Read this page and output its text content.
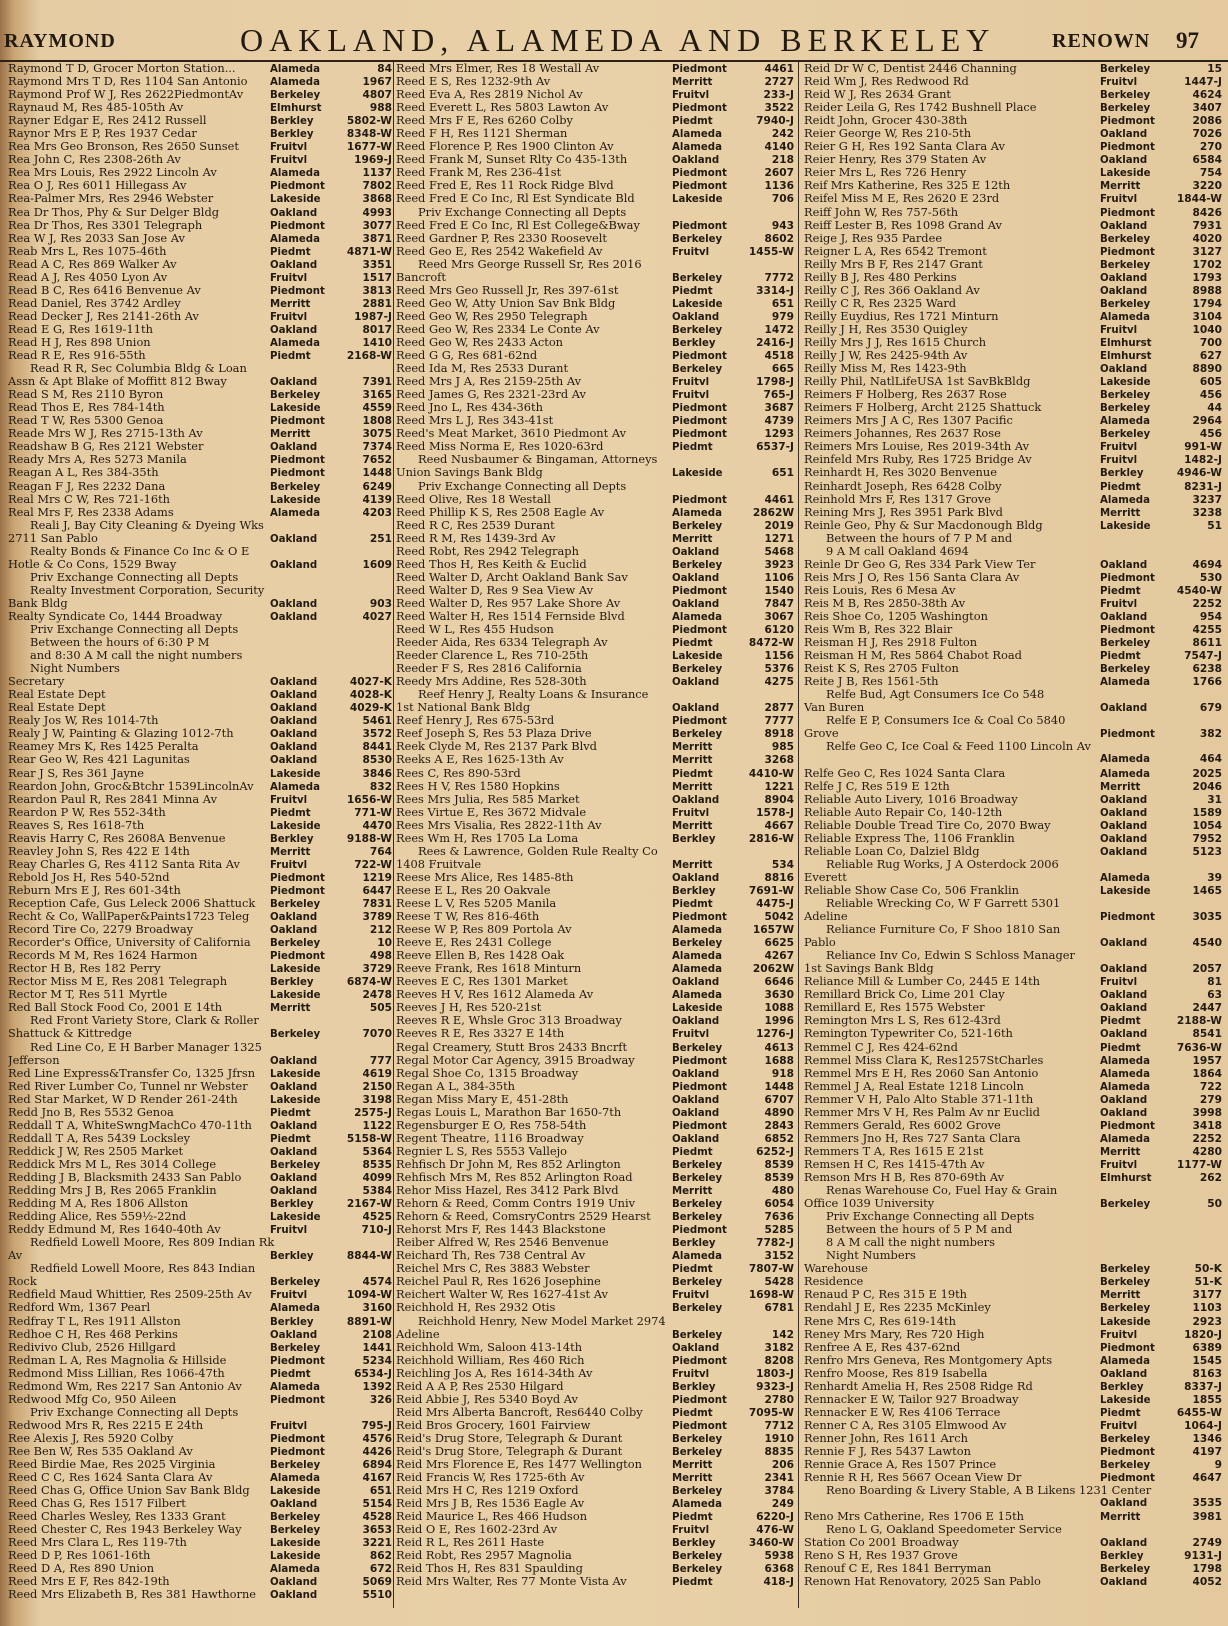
RAYMOND	OAKLAND, ALAMEDA AND BERKELEY	RENOWN 97
Raymond T D, Grocer Morton Station...	Alameda	84
Raymond Mrs T D, Res 1104 San Antonio	Alameda	1967
Raymond Prof W J, Res 2622PiedmontAv	Berkeley	4807
Raynaud M, Res 485-105th Av	Elmhurst	988
Rayner Edgar E, Res 2412 Russell	Berkley	5802-W
Raynor Mrs E P, Res 1937 Cedar	Berkley	8348-W
Rea Mrs Geo Bronson, Res 2650 Sunset	Fruitvl	1677-W
Rea John C, Res 2308-26th Av	Fruitvl	1969-J
Rea Mrs Louis, Res 2922 Lincoln Av	Alameda	1137
Rea O J, Res 6011 Hillegass Av	Piedmont	7802
Rea-Palmer Mrs, Res 2946 Webster	Lakeside	3868
Rea Dr Thos, Phy & Sur Delger Bldg	Oakland	4993
Rea Dr Thos, Res 3301 Telegraph	Piedmont	3077
Rea W J, Res 2033 San Jose Av	Alameda	3871
Reab Mrs L, Res 1075-46th	Piedmt	4871-W
Read A C, Res 869 Walker Av	Oakland	3351
Read A J, Res 4050 Lyon Av	Fruitvl	1517
Read B C, Res 6416 Benvenue Av	Piedmont	3813
Read Daniel, Res 3742 Ardley	Merritt	2881
Read Decker J, Res 2141-26th Av	Fruitvl	1987-J
Read E G, Res 1619-11th	Oakland	8017
Read H J, Res 898 Union	Alameda	1410
Read R E, Res 916-55th	Piedmt	2168-W
Read R R, Sec Columbia Bldg & Loan
Assn & Apt Blake of Moffitt 812 Bway	Oakland	7391
Read S M, Res 2110 Byron	Berkeley	3165
Read Thos E, Res 784-14th	Lakeside	4559
Read T W, Res 5300 Genoa	Piedmont	1808
Reade Mrs W J, Res 2715-13th Av	Merritt	3075
Readshaw B G, Res 2121 Webster	Oakland	7374
Ready Mrs A, Res 5273 Manila	Piedmont	7652
Reagan A L, Res 384-35th	Piedmont	1448
Reagan F J, Res 2232 Dana	Berkeley	6249
Real Mrs C W, Res 721-16th	Lakeside	4139
Real Mrs F, Res 2338 Adams	Alameda	4203
Reali J, Bay City Cleaning & Dyeing Wks
2711 San Pablo	Oakland	251
Realty Bonds & Finance Co Inc & O E
Hotle & Co Cons, 1529 Bway	Oakland	1609
Priv Exchange Connecting all Depts
Realty Investment Corporation, Security
Bank Bldg	Oakland	903
Realty Syndicate Co, 1444 Broadway	Oakland	4027
Priv Exchange Connecting all Depts
Between the hours of 6:30 P M
and 8:30 A M call the night numbers
Night Numbers
Secretary	Oakland	4027-K
Real Estate Dept	Oakland	4028-K
Real Estate Dept	Oakland	4029-K
Realy Jos W, Res 1014-7th	Oakland	5461
Realy J W, Painting & Glazing 1012-7th	Oakland	3572
Reamey Mrs K, Res 1425 Peralta	Oakland	8441
Rear Geo W, Res 421 Lagunitas	Oakland	8530
Rear J S, Res 361 Jayne	Lakeside	3846
Reardon John, Groc&Btchr 1539LincolnAv	Alameda	832
Reardon Paul R, Res 2841 Minna Av	Fruitvl	1656-W
Reardon P W, Res 552-34th	Piedmt	771-W
Reaves S, Res 1618-7th	Lakeside	4470
Reavis Harry C, Res 2608A Benvenue	Berkley	9188-W
Reavley John S, Res 422 E 14th	Merritt	764
Reay Charles G, Res 4112 Santa Rita Av	Fruitvl	722-W
Rebold Jos H, Res 540-52nd	Piedmont	1219
Reburn Mrs E J, Res 601-34th	Piedmont	6447
Reception Cafe, Gus Leleck 2006 Shattuck	Berkeley	7831
Recht & Co, WallPaper&Paints1723 Teleg	Oakland	3789
Record Tire Co, 2279 Broadway	Oakland	212
Recorder's Office, University of California	Berkeley	10
Records M M, Res 1624 Harmon	Piedmont	498
Rector H B, Res 182 Perry	Lakeside	3729
Rector Miss M E, Res 2081 Telegraph	Berkley	6874-W
Rector M T, Res 511 Myrtle	Lakeside	2478
Red Ball Stock Food Co, 2001 E 14th	Merritt	505
Red Front Variety Store, Clark & Roller
Shattuck & Kittredge	Berkeley	7070
Red Line Co, E H Barber Manager 1325
Jefferson	Oakland	777
Red Line Express&Transfer Co, 1325 Jfrsn	Lakeside	4619
Red River Lumber Co, Tunnel nr Webster	Oakland	2150
Red Star Market, W D Render 261-24th	Lakeside	3198
Redd Jno B, Res 5532 Genoa	Piedmt	2575-J
Reddall T A, WhiteSwngMachCo 470-11th	Oakland	1122
Reddall T A, Res 5439 Locksley	Piedmt	5158-W
Reddick J W, Res 2505 Market	Oakland	5364
Reddick Mrs M L, Res 3014 College	Berkeley	8535
Redding J B, Blacksmith 2433 San Pablo	Oakland	4099
Redding Mrs J B, Res 2065 Franklin	Oakland	5384
Redding M A, Res 1806 Allston	Berkley	2167-W
Redding Alice, Res 559½-22nd	Lakeside	4525
Reddy Edmund M, Res 1640-40th Av	Fruitvl	710-J
Redfield Lowell Moore, Res 809 Indian Rk
Av	Berkley	8844-W
Redfield Lowell Moore, Res 843 Indian
Rock	Berkeley	4574
Redfield Maud Whittier, Res 2509-25th Av	Fruitvl	1094-W
Redford Wm, 1367 Pearl	Alameda	3160
Redfray T L, Res 1911 Allston	Berkley	8891-W
Redhoe C H, Res 468 Perkins	Oakland	2108
Redivivo Club, 2526 Hillgard	Berkeley	1441
Redman L A, Res Magnolia & Hillside	Piedmont	5234
Redmond Miss Lillian, Res 1066-47th	Piedmt	6534-J
Redmond Wm, Res 2217 San Antonio Av	Alameda	1392
Redwood Mfg Co, 950 Aileen	Piedmont	326
Priv Exchange Connecting all Depts
Redwood Mrs R, Res 2215 E 24th	Fruitvl	795-J
Ree Alexis J, Res 5920 Colby	Piedmont	4576
Ree Ben W, Res 535 Oakland Av	Piedmont	4426
Reed Birdie Mae, Res 2025 Virginia	Berkeley	6894
Reed C C, Res 1624 Santa Clara Av	Alameda	4167
Reed Chas G, Office Union Sav Bank Bldg	Lakeside	651
Reed Chas G, Res 1517 Filbert	Oakland	5154
Reed Charles Wesley, Res 1333 Grant	Berkeley	4528
Reed Chester C, Res 1943 Berkeley Way	Berkeley	3653
Reed Mrs Clara L, Res 119-7th	Lakeside	3221
Reed D P, Res 1061-16th	Lakeside	862
Reed D A, Res 890 Union	Alameda	672
Reed Mrs E F, Res 842-19th	Oakland	5069
Reed Mrs Elizabeth B, Res 381 Hawthorne	Oakland	5510
Reed Mrs Elmer, Res 18 Westall Av	Piedmont	4461
Reed E S, Res 1232-9th Av	Merritt	2727
Reed Eva A, Res 2819 Nichol Av	Fruitvl	233-J
Reed Everett L, Res 5803 Lawton Av	Piedmont	3522
Reed Mrs F E, Res 6260 Colby	Piedmt	7940-J
Reed F H, Res 1121 Sherman	Alameda	242
Reed Florence P, Res 1900 Clinton Av	Alameda	4140
Reed Frank M, Sunset Rlty Co 435-13th	Oakland	218
Reed Frank M, Res 236-41st	Piedmont	2607
Reed Fred E, Res 11 Rock Ridge Blvd	Piedmont	1136
Reed Fred E Co Inc, Rl Est Syndicate Bld	Lakeside	706
Priv Exchange Connecting all Depts
Reed Fred E Co Inc, Rl Est College&Bway	Piedmont	943
Reed Gardner P, Res 2330 Roosevelt	Berkeley	8602
Reed Geo E, Res 2542 Wakefield Av	Fruitvl	1455-W
Reed Mrs George Russell Sr, Res 2016
Bancroft	Berkeley	7772
Reed Mrs Geo Russell Jr, Res 397-61st	Piedmt	3314-J
Reed Geo W, Atty Union Sav Bnk Bldg	Lakeside	651
Reed Geo W, Res 2950 Telegraph	Oakland	979
Reed Geo W, Res 2334 Le Conte Av	Berkeley	1472
Reed Geo W, Res 2433 Acton	Berkley	2416-J
Reed G G, Res 681-62nd	Piedmont	4518
Reed Ida M, Res 2533 Durant	Berkeley	665
Reed Mrs J A, Res 2159-25th Av	Fruitvl	1798-J
Reed James G, Res 2321-23rd Av	Fruitvl	765-J
Reed Jno L, Res 434-36th	Piedmont	3687
Reed Mrs L J, Res 343-41st	Piedmont	4739
Reed's Meat Market, 3610 Piedmont Av	Piedmont	1293
Reed Miss Norma E, Res 1020-63rd	Piedmt	6537-J
Reed Nusbaumer & Bingaman, Attorneys
Union Savings Bank Bldg	Lakeside	651
Priv Exchange Connecting all Depts
Reed Olive, Res 18 Westall	Piedmont	4461
Reed Phillip K S, Res 2508 Eagle Av	Alameda	2862W
Reed R C, Res 2539 Durant	Berkeley	2019
Reed R M, Res 1439-3rd Av	Merritt	1271
Reed Robt, Res 2942 Telegraph	Oakland	5468
Reed Thos H, Res Keith & Euclid	Berkeley	3923
Reed Walter D, Archt Oakland Bank Sav	Oakland	1106
Reed Walter D, Res 9 Sea View Av	Piedmont	1540
Reed Walter D, Res 957 Lake Shore Av	Oakland	7847
Reed Walter H, Res 1514 Fernside Blvd	Alameda	3067
Reed W L, Res 455 Hudson	Piedmont	6120
Reeder Aida, Res 6334 Telegraph Av	Piedmt	8472-W
Reeder Clarence L, Res 710-25th	Lakeside	1156
Reeder F S, Res 2816 California	Berkeley	5376
Reedy Mrs Addine, Res 528-30th	Oakland	4275
Reef Henry J, Realty Loans & Insurance
1st National Bank Bldg	Oakland	2877
Reef Henry J, Res 675-53rd	Piedmont	7777
Reef Joseph S, Res 53 Plaza Drive	Berkeley	8918
Reek Clyde M, Res 2137 Park Blvd	Merritt	985
Reeks A E, Res 1625-13th Av	Merritt	3268
Rees C, Res 890-53rd	Piedmt	4410-W
Rees H V, Res 1580 Hopkins	Merritt	1221
Rees Mrs Julia, Res 585 Market	Oakland	8904
Rees Virtue E, Res 3672 Midvale	Fruitvl	1578-J
Rees Mrs Visalia, Res 2822-11th Av	Merritt	4667
Rees Wm H, Res 1705 La Loma	Berkley	2816-W
Rees & Lawrence, Golden Rule Realty Co
1408 Fruitvale	Merritt	534
Reese Mrs Alice, Res 1485-8th	Oakland	8816
Reese E L, Res 20 Oakvale	Berkley	7691-W
Reese L V, Res 5205 Manila	Piedmt	4475-J
Reese T W, Res 816-46th	Piedmont	5042
Reese W P, Res 809 Portola Av	Alameda	1657W
Reeve E, Res 2431 College	Berkeley	6625
Reeve Ellen B, Res 1428 Oak	Alameda	4267
Reeve Frank, Res 1618 Minturn	Alameda	2062W
Reeves E C, Res 1301 Market	Oakland	6646
Reeves H V, Res 1612 Alameda Av	Alameda	3630
Reeves J H, Res 520-21st	Lakeside	1088
Reeves R E, Whsle Groc 313 Broadway	Oakland	1996
Reeves R E, Res 3327 E 14th	Fruitvl	1276-J
Regal Creamery, Stutt Bros 2433 Bncrft	Berkeley	4613
Regal Motor Car Agency, 3915 Broadway	Piedmont	1688
Regal Shoe Co, 1315 Broadway	Oakland	918
Regan A L, 384-35th	Piedmont	1448
Regan Miss Mary E, 451-28th	Oakland	6707
Regas Louis L, Marathon Bar 1650-7th	Oakland	4890
Regensburger E O, Res 758-54th	Piedmont	2843
Regent Theatre, 1116 Broadway	Oakland	6852
Regnier L S, Res 5553 Vallejo	Piedmt	6252-J
Rehfisch Dr John M, Res 852 Arlington	Berkeley	8539
Rehfisch Mrs M, Res 852 Arlington Road	Berkeley	8539
Rehor Miss Hazel, Res 3412 Park Blvd	Merritt	480
Rehorn & Reed, Comm Contrs 1919 Univ	Berkeley	6054
Rehorn & Reed, ComsryContrs 2529 Hearst	Berkeley	7636
Rehorst Mrs F, Res 1443 Blackstone	Piedmont	5285
Reiber Alfred W, Res 2546 Benvenue	Berkley	7782-J
Reichard Th, Res 738 Central Av	Alameda	3152
Reichel Mrs C, Res 3883 Webster	Piedmt	7807-W
Reichel Paul R, Res 1626 Josephine	Berkeley	5428
Reichert Walter W, Res 1627-41st Av	Fruitvl	1698-W
Reichhold H, Res 2932 Otis	Berkeley	6781
Reichhold Henry, New Model Market 2974
Adeline	Berkeley	142
Reichhold Wm, Saloon 413-14th	Oakland	3182
Reichhold William, Res 460 Rich	Piedmont	8208
Reichling Jos A, Res 1614-34th Av	Fruitvl	1803-J
Reid A A P, Res 2530 Hilgard	Berkley	9323-J
Reid Abbie J, Res 5340 Boyd Av	Piedmont	2780
Reid Mrs Alberta Bancroft, Res6440 Colby	Piedmt	7095-W
Reid Bros Grocery, 1601 Fairview	Piedmont	7712
Reid's Drug Store, Telegraph & Durant	Berkeley	1910
Reid's Drug Store, Telegraph & Durant	Berkeley	8835
Reid Mrs Florence E, Res 1477 Wellington	Merritt	206
Reid Francis W, Res 1725-6th Av	Merritt	2341
Reid Mrs H C, Res 1219 Oxford	Berkeley	3784
Reid Mrs J B, Res 1536 Eagle Av	Alameda	249
Reid Maurice L, Res 466 Hudson	Piedmt	6220-J
Reid O E, Res 1602-23rd Av	Fruitvl	476-W
Reid R L, Res 2611 Haste	Berkley	3460-W
Reid Robt, Res 2957 Magnolia	Berkeley	5938
Reid Thos H, Res 831 Spaulding	Berkeley	6368
Reid Mrs Walter, Res 77 Monte Vista Av	Piedmt	418-J
Reid Dr W C, Dentist 2446 Channing	Berkeley	15
Reid Wm J, Res Redwood Rd	Fruitvl	1447-J
Reid W J, Res 2634 Grant	Berkeley	4624
Reider Leila G, Res 1742 Bushnell Place	Berkeley	3407
Reidt John, Grocer 430-38th	Piedmont	2086
Reier George W, Res 210-5th	Oakland	7026
Reier G H, Res 192 Santa Clara Av	Piedmont	270
Reier Henry, Res 379 Staten Av	Oakland	6584
Reier Mrs L, Res 726 Henry	Lakeside	754
Reif Mrs Katherine, Res 325 E 12th	Merritt	3220
Reifel Miss M E, Res 2620 E 23rd	Fruitvl	1844-W
Reiff John W, Res 757-56th	Piedmont	8426
Reiff Lester B, Res 1098 Grand Av	Oakland	7931
Reige J, Res 935 Pardee	Berkeley	4020
Reigner L A, Res 6542 Tremont	Piedmont	3127
Reilly Mrs B F, Res 2147 Grant	Berkeley	1702
Reilly B J, Res 480 Perkins	Oakland	1793
Reilly C J, Res 366 Oakland Av	Oakland	8988
Reilly C R, Res 2325 Ward	Berkeley	1794
Reilly Euydius, Res 1721 Minturn	Alameda	3104
Reilly J H, Res 3530 Quigley	Fruitvl	1040
Reilly Mrs J J, Res 1615 Church	Elmhurst	700
Reilly J W, Res 2425-94th Av	Elmhurst	627
Reilly Miss M, Res 1423-9th	Oakland	8890
Reilly Phil, NatlLifeUSA 1st SavBkBldg	Lakeside	605
Reimers F Holberg, Res 2637 Rose	Berkeley	456
Reimers F Holberg, Archt 2125 Shattuck	Berkeley	44
Reimers Mrs J A C, Res 1307 Pacific	Alameda	2964
Reimers Johannes, Res 2637 Rose	Berkeley	456
Reimers Mrs Louise, Res 2019-34th Av	Fruitvl	991-W
Reinfeld Mrs Ruby, Res 1725 Bridge Av	Fruitvl	1482-J
Reinhardt H, Res 3020 Benvenue	Berkley	4946-W
Reinhardt Joseph, Res 6428 Colby	Piedmt	8231-J
Reinhold Mrs F, Res 1317 Grove	Alameda	3237
Reining Mrs J, Res 3951 Park Blvd	Merritt	3238
Reinle Geo, Phy & Sur Macdonough Bldg	Lakeside	51
Between the hours of 7 P M and
9 A M call Oakland 4694
Reinle Dr Geo G, Res 334 Park View Ter	Oakland	4694
Reis Mrs J O, Res 156 Santa Clara Av	Piedmont	530
Reis Louis, Res 6 Mesa Av	Piedmt	4540-W
Reis M B, Res 2850-38th Av	Fruitvl	2252
Reis Shoe Co, 1205 Washington	Oakland	954
Reis Wm B, Res 322 Blair	Piedmont	4255
Reisman H J, Res 2918 Fulton	Berkeley	8611
Reisman H M, Res 5864 Chabot Road	Piedmt	7547-J
Reist K S, Res 2705 Fulton	Berkeley	6238
Reite J B, Res 1561-5th	Alameda	1766
Relfe Bud, Agt Consumers Ice Co 548
Van Buren	Oakland	679
Relfe E P, Consumers Ice & Coal Co 5840
Grove	Piedmont	382
Relfe Geo C, Ice Coal & Feed 1100 Lincoln Av
Alameda	464
Relfe Geo C, Res 1024 Santa Clara	Alameda	2025
Relfe J C, Res 519 E 12th	Merritt	2046
Reliable Auto Livery, 1016 Broadway	Oakland	31
Reliable Auto Repair Co, 140-12th	Oakland	1589
Reliable Double Tread Tire Co, 2070 Bway	Oakland	1054
Reliable Express The, 1106 Franklin	Oakland	7952
Reliable Loan Co, Dalziel Bldg	Oakland	5123
Reliable Rug Works, J A Osterdock 2006
Everett	Alameda	39
Reliable Show Case Co, 506 Franklin	Lakeside	1465
Reliable Wrecking Co, W F Garrett 5301
Adeline	Piedmont	3035
Reliance Furniture Co, F Shoo 1810 San
Pablo	Oakland	4540
Reliance Inv Co, Edwin S Schloss Manager
1st Savings Bank Bldg	Oakland	2057
Reliance Mill & Lumber Co, 2445 E 14th	Fruitvl	81
Remillard Brick Co, Lime 201 Clay	Oakland	63
Remillard E, Res 1575 Webster	Oakland	2447
Remington Mrs L S, Res 612-43rd	Piedmt	2188-W
Remington Typewriter Co, 521-16th	Oakland	8541
Remmel C J, Res 424-62nd	Piedmt	7636-W
Remmel Miss Clara K, Res1257StCharles	Alameda	1957
Remmel Mrs E H, Res 2060 San Antonio	Alameda	1864
Remmel J A, Real Estate 1218 Lincoln	Alameda	722
Remmer V H, Palo Alto Stable 371-11th	Oakland	279
Remmer Mrs V H, Res Palm Av nr Euclid	Oakland	3998
Remmers Gerald, Res 6002 Grove	Piedmont	3418
Remmers Jno H, Res 727 Santa Clara	Alameda	2252
Remmers T A, Res 1615 E 21st	Merritt	4280
Remsen H C, Res 1415-47th Av	Fruitvl	1177-W
Remson Mrs H B, Res 870-69th Av	Elmhurst	262
Renas Warehouse Co, Fuel Hay & Grain
Office 1039 University	Berkeley	50
Priv Exchange Connecting all Depts
Between the hours of 5 P M and
8 A M call the night numbers
Night Numbers
Warehouse	Berkeley	50-K
Residence	Berkeley	51-K
Renaud P C, Res 315 E 19th	Merritt	3177
Rendahl J E, Res 2235 McKinley	Berkeley	1103
Rene Mrs C, Res 619-14th	Lakeside	2923
Reney Mrs Mary, Res 720 High	Fruitvl	1820-J
Renfree A E, Res 437-62nd	Piedmont	6389
Renfro Mrs Geneva, Res Montgomery Apts	Alameda	1545
Renfro Moose, Res 819 Isabella	Oakland	8163
Renhardt Amelia H, Res 2508 Ridge Rd	Berkley	8337-J
Rennacker E W, Tailor 927 Broadway	Lakeside	1855
Rennacker E W, Res 4106 Terrace	Piedmt	6455-W
Renner C A, Res 3105 Elmwood Av	Fruitvl	1064-J
Renner John, Res 1611 Arch	Berkeley	1346
Rennie F J, Res 5437 Lawton	Piedmont	4197
Rennie Grace A, Res 1507 Prince	Berkeley	9
Rennie R H, Res 5667 Ocean View Dr	Piedmont	4647
Reno Boarding & Livery Stable, A B Likens 1231 Center
Oakland	3535
Reno Mrs Catherine, Res 1706 E 15th	Merritt	3981
Reno L G, Oakland Speedometer Service
Station Co 2001 Broadway	Oakland	2749
Reno S H, Res 1937 Grove	Berkley	9131-J
Renouf C E, Res 1841 Berryman	Berkeley	1798
Renown Hat Renovatory, 2025 San Pablo	Oakland	4052
